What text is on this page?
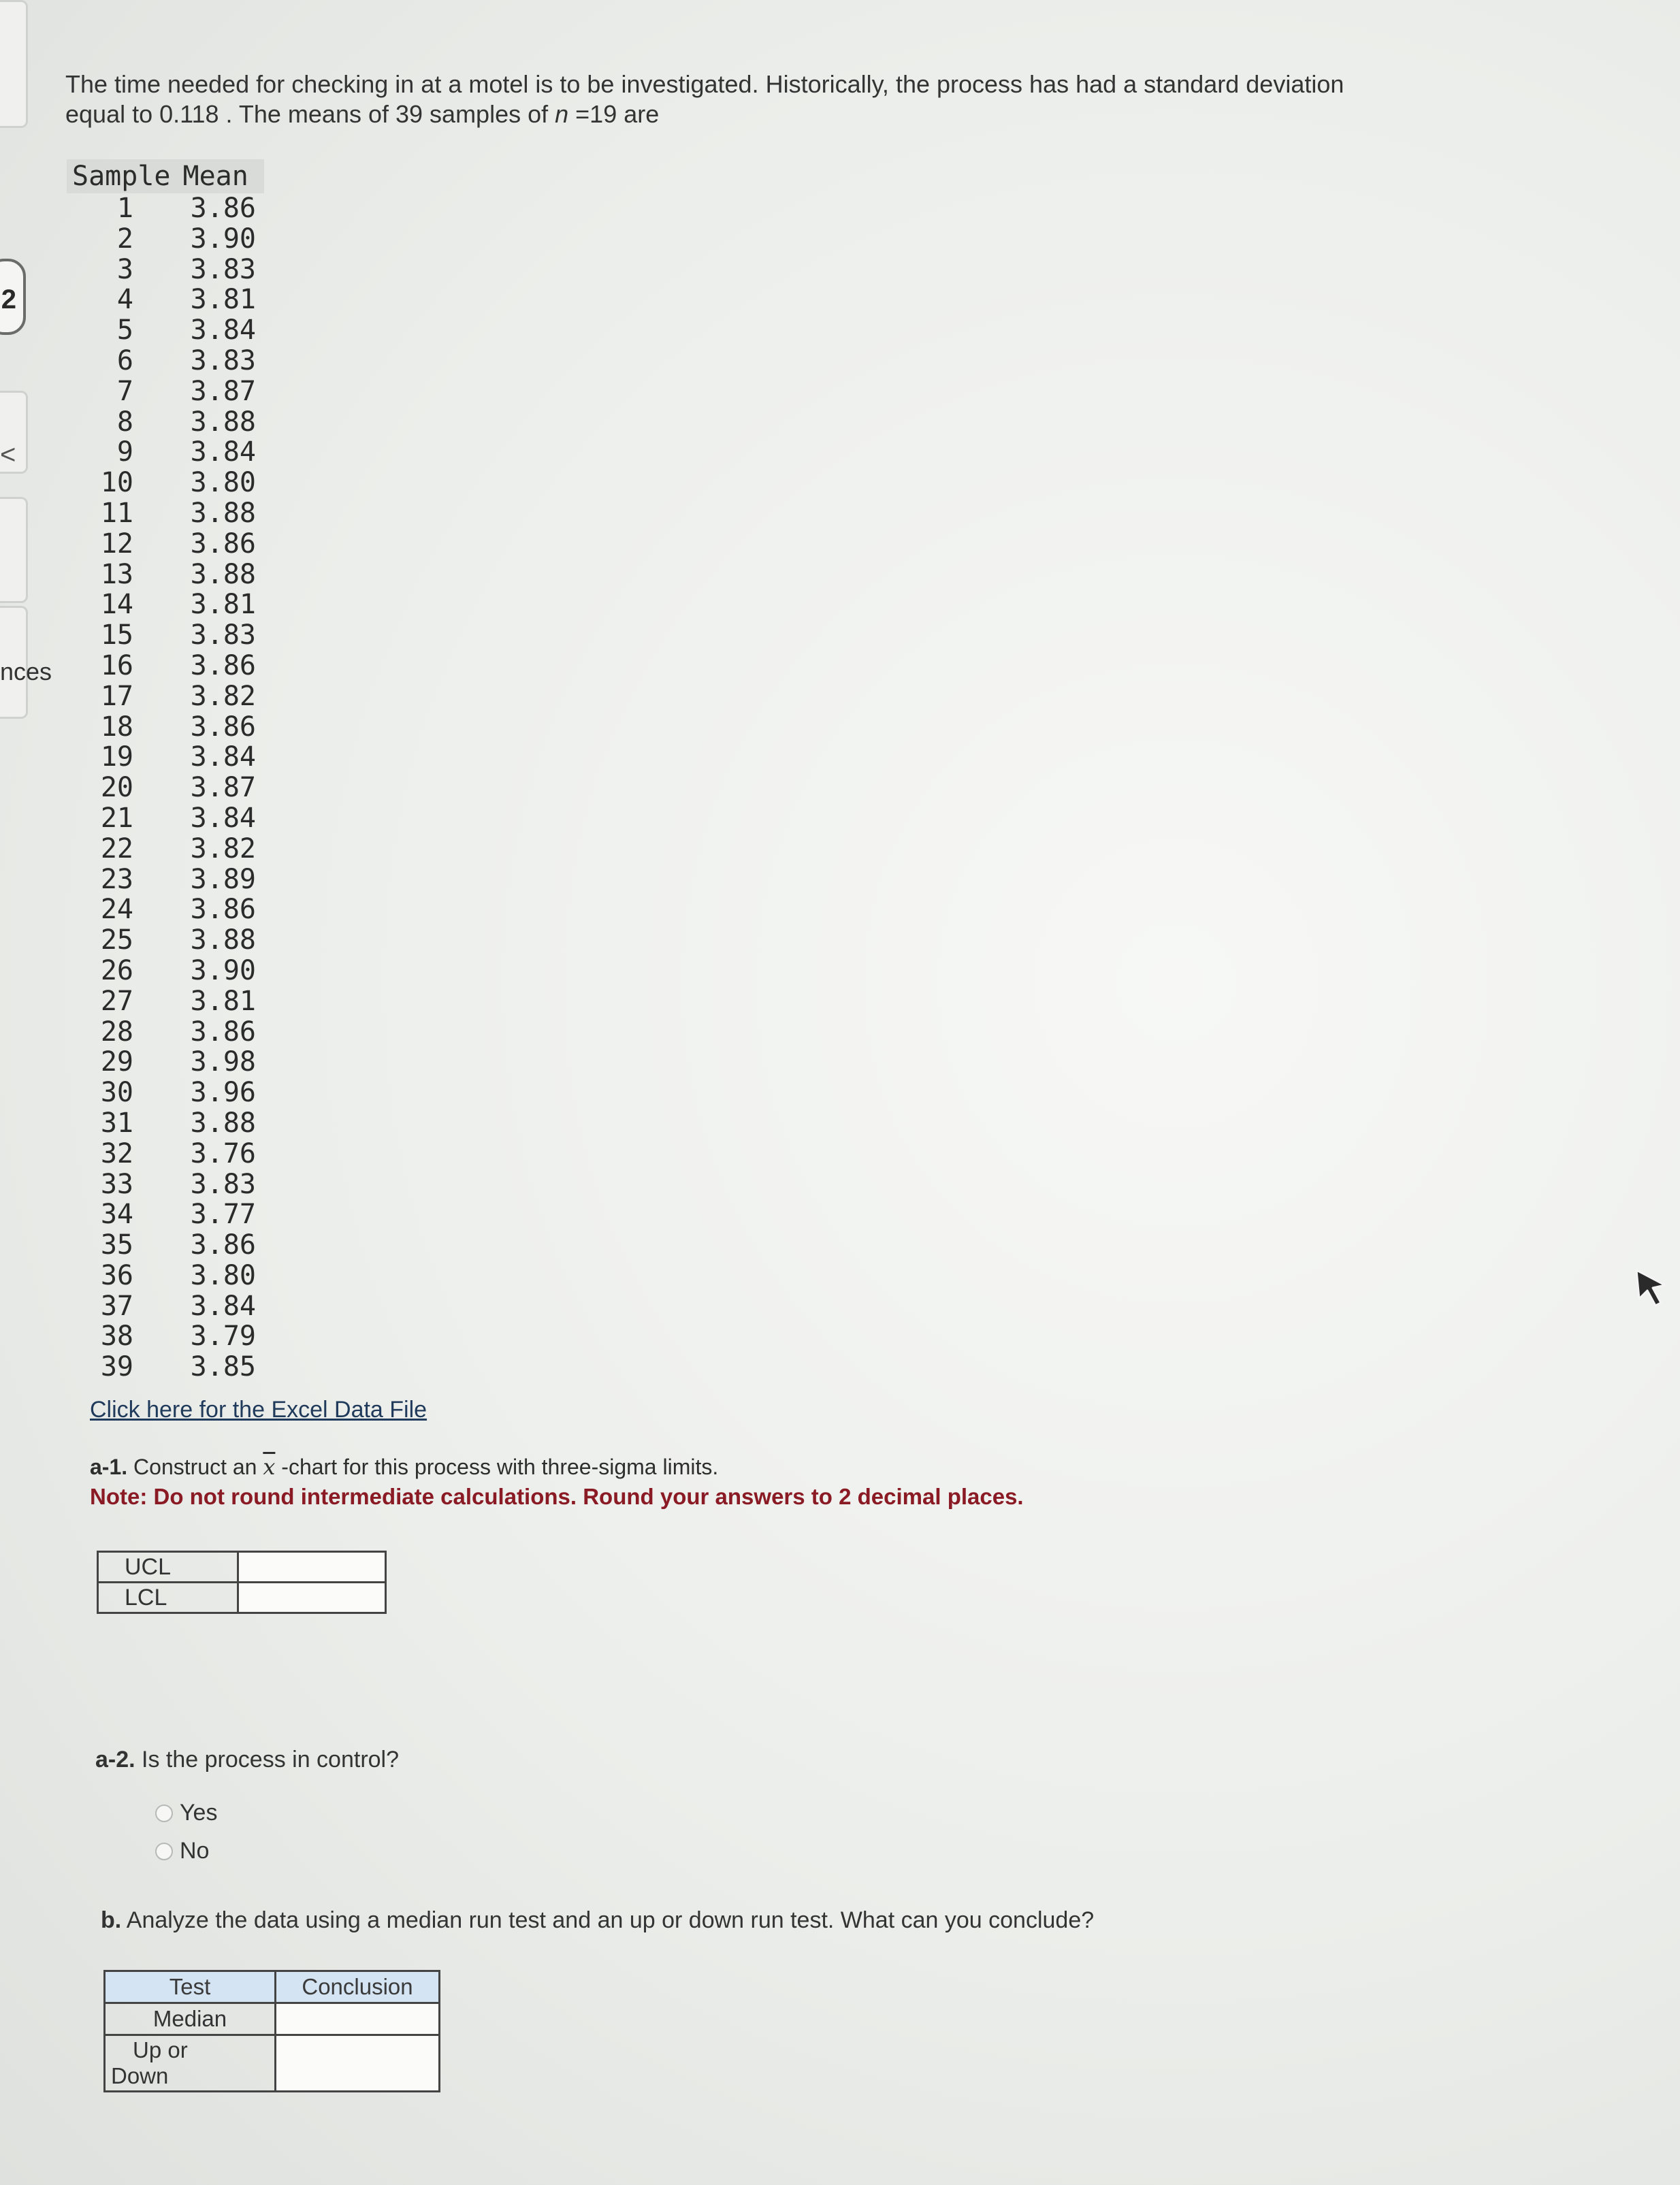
2
<
nces
The time needed for checking in at a motel is to be investigated. Historically, the process has had a standard deviation
equal to 0.118 . The means of 39 samples of n =19 are
Sample Mean
1	3.86
2	3.90
3	3.83
4	3.81
5	3.84
6	3.83
7	3.87
8	3.88
9	3.84
10	3.80
11	3.88
12	3.86
13	3.88
14	3.81
15	3.83
16	3.86
17	3.82
18	3.86
19	3.84
20	3.87
21	3.84
22	3.82
23	3.89
24	3.86
25	3.88
26	3.90
27	3.81
28	3.86
29	3.98
30	3.96
31	3.88
32	3.76
33	3.83
34	3.77
35	3.86
36	3.80
37	3.84
38	3.79
39	3.85
Click here for the Excel Data File
a-1. Construct an $\overline{x}$ -chart for this process with three-sigma limits.
Note: Do not round intermediate calculations. Round your answers to 2 decimal places.
UCL	
LCL	
a-2. Is the process in control?
Yes
No
b. Analyze the data using a median run test and an up or down run test. What can you conclude?
Test	Conclusion
Median	

Up or
Down	
